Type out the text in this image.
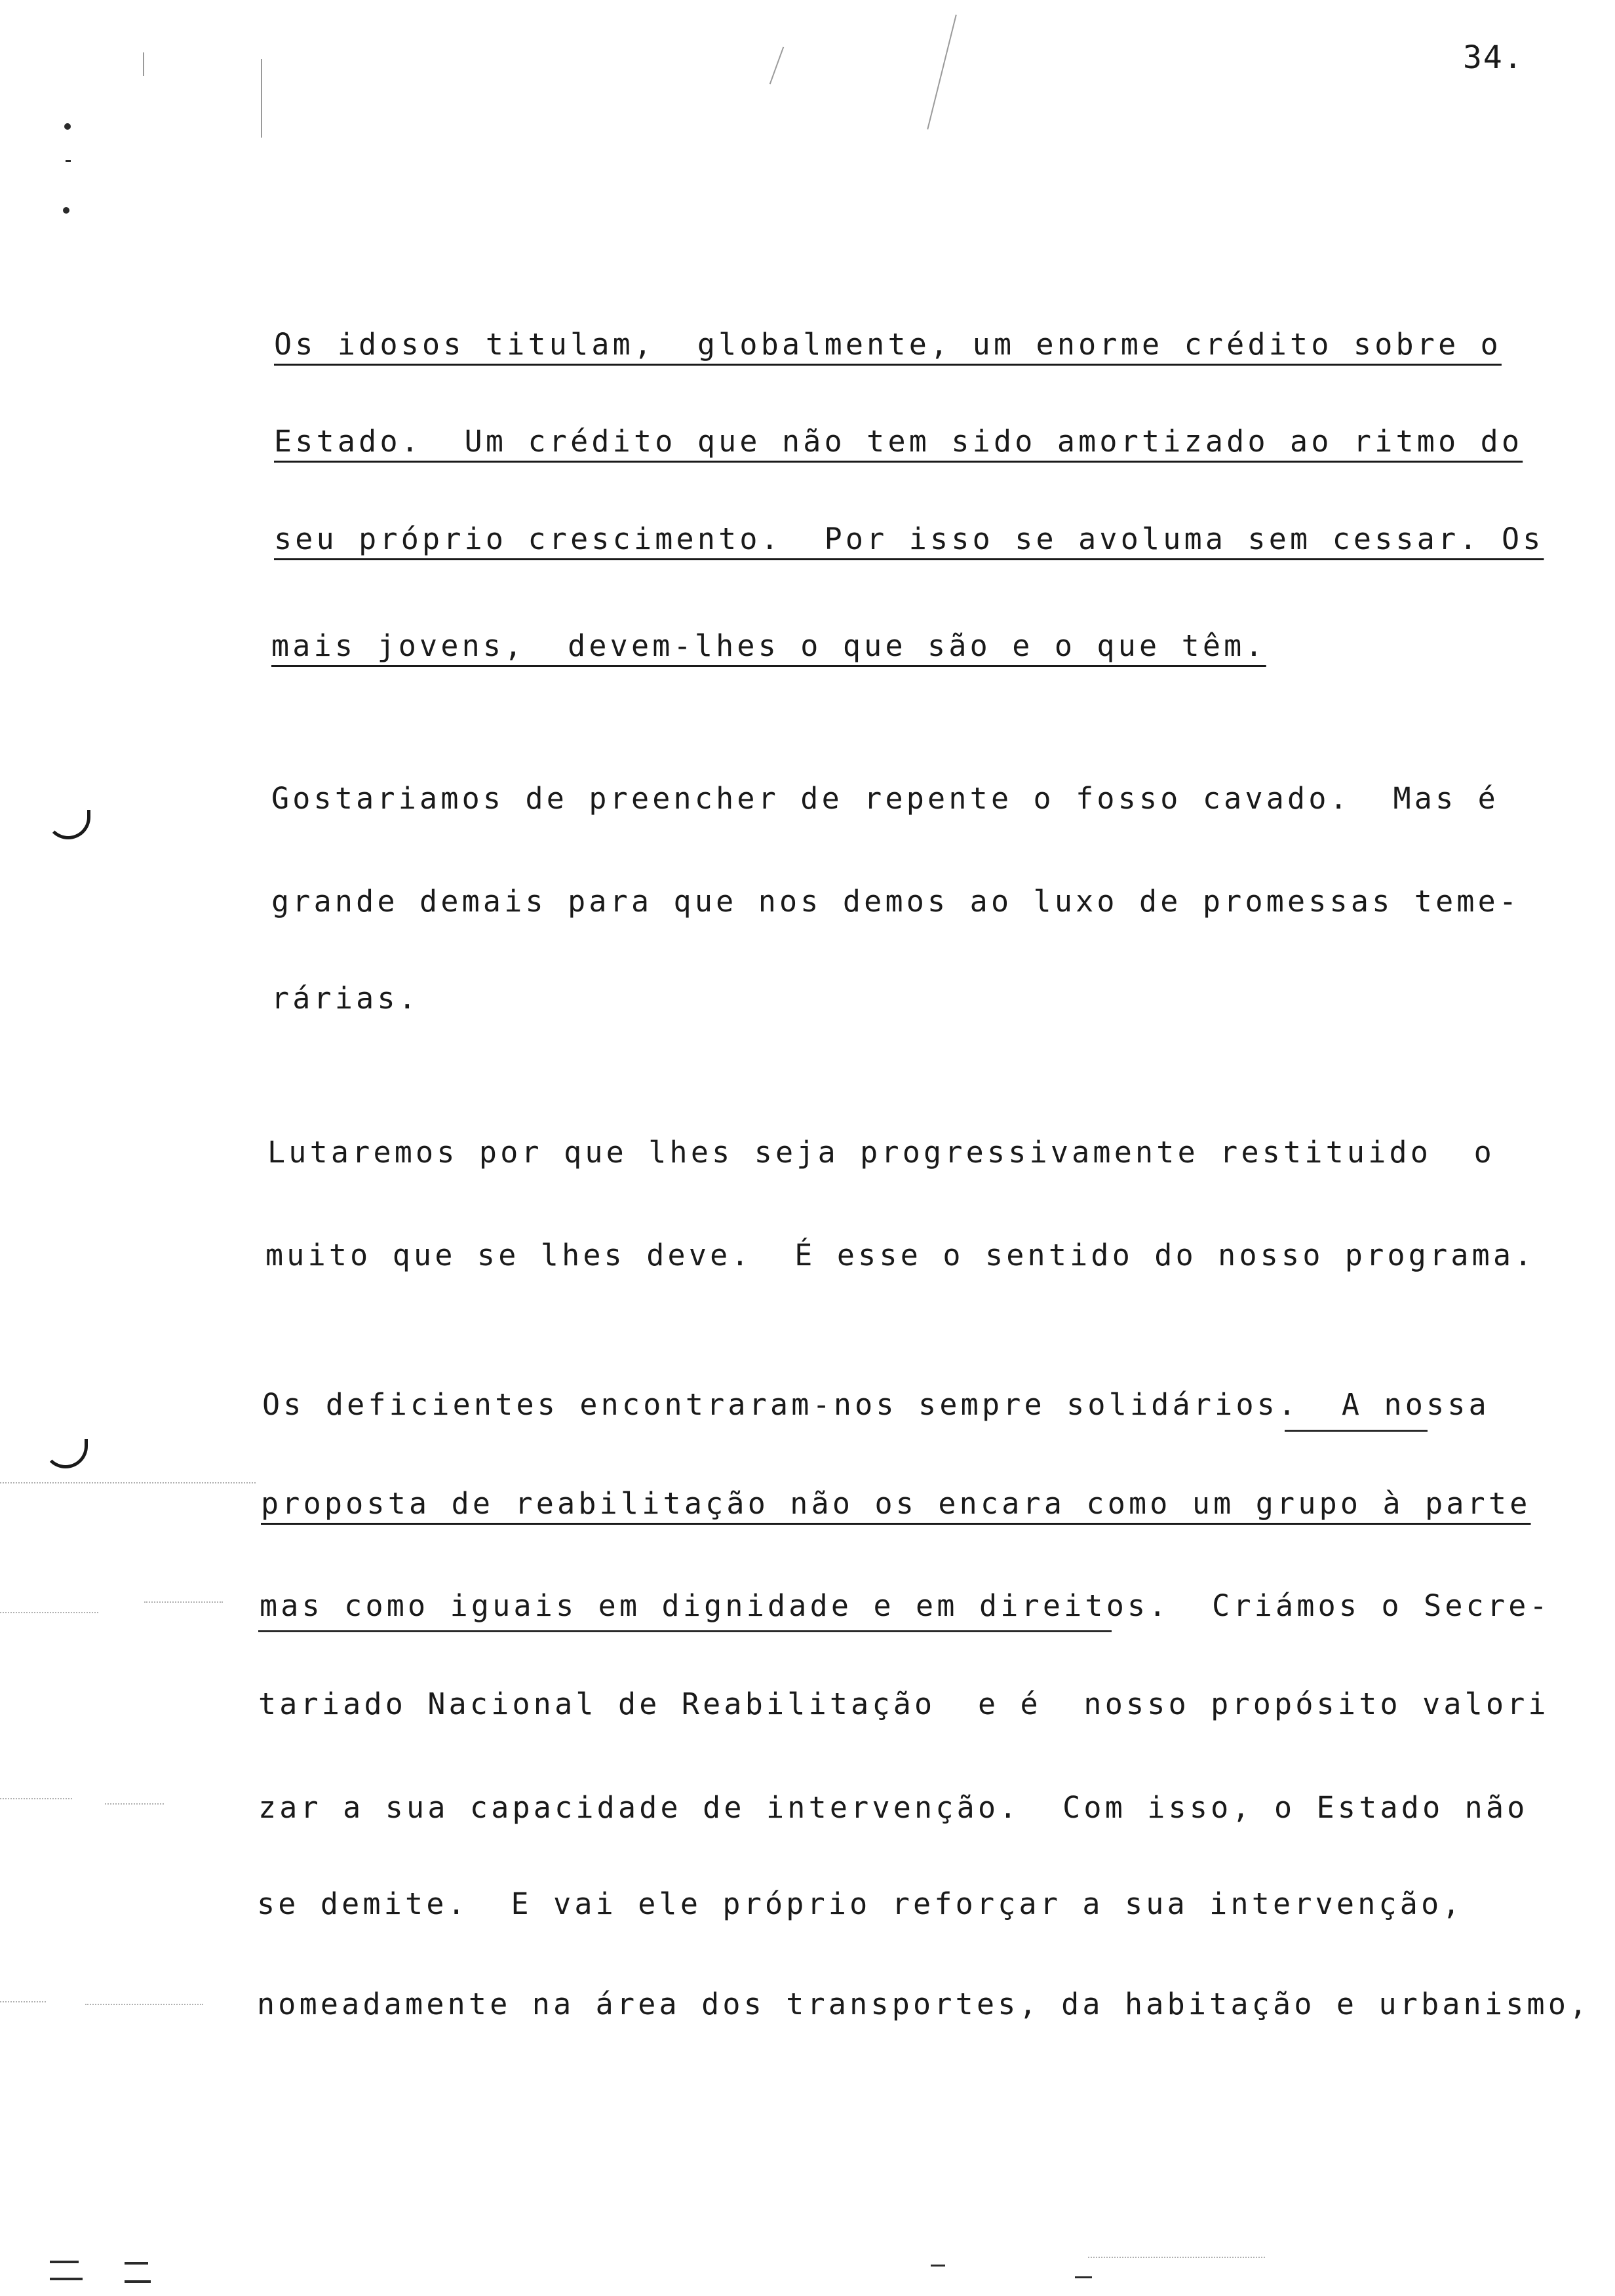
34.
Os idosos titulam,  globalmente, um enorme crédito sobre o
Estado.  Um crédito que não tem sido amortizado ao ritmo do
seu próprio crescimento.  Por isso se avoluma sem cessar. Os
mais jovens,  devem-lhes o que são e o que têm.
Gostariamos de preencher de repente o fosso cavado.  Mas é
grande demais para que nos demos ao luxo de promessas teme-
rárias.
Lutaremos por que lhes seja progressivamente restituido  o
muito que se lhes deve.  É esse o sentido do nosso programa.
Os deficientes encontraram-nos sempre solidários.  A nossa
proposta de reabilitação não os encara como um grupo à parte
mas como iguais em dignidade e em direitos.  Criámos o Secre-
tariado Nacional de Reabilitação  e é  nosso propósito valori
zar a sua capacidade de intervenção.  Com isso, o Estado não
se demite.  E vai ele próprio reforçar a sua intervenção,
nomeadamente na área dos transportes, da habitação e urbanismo,
